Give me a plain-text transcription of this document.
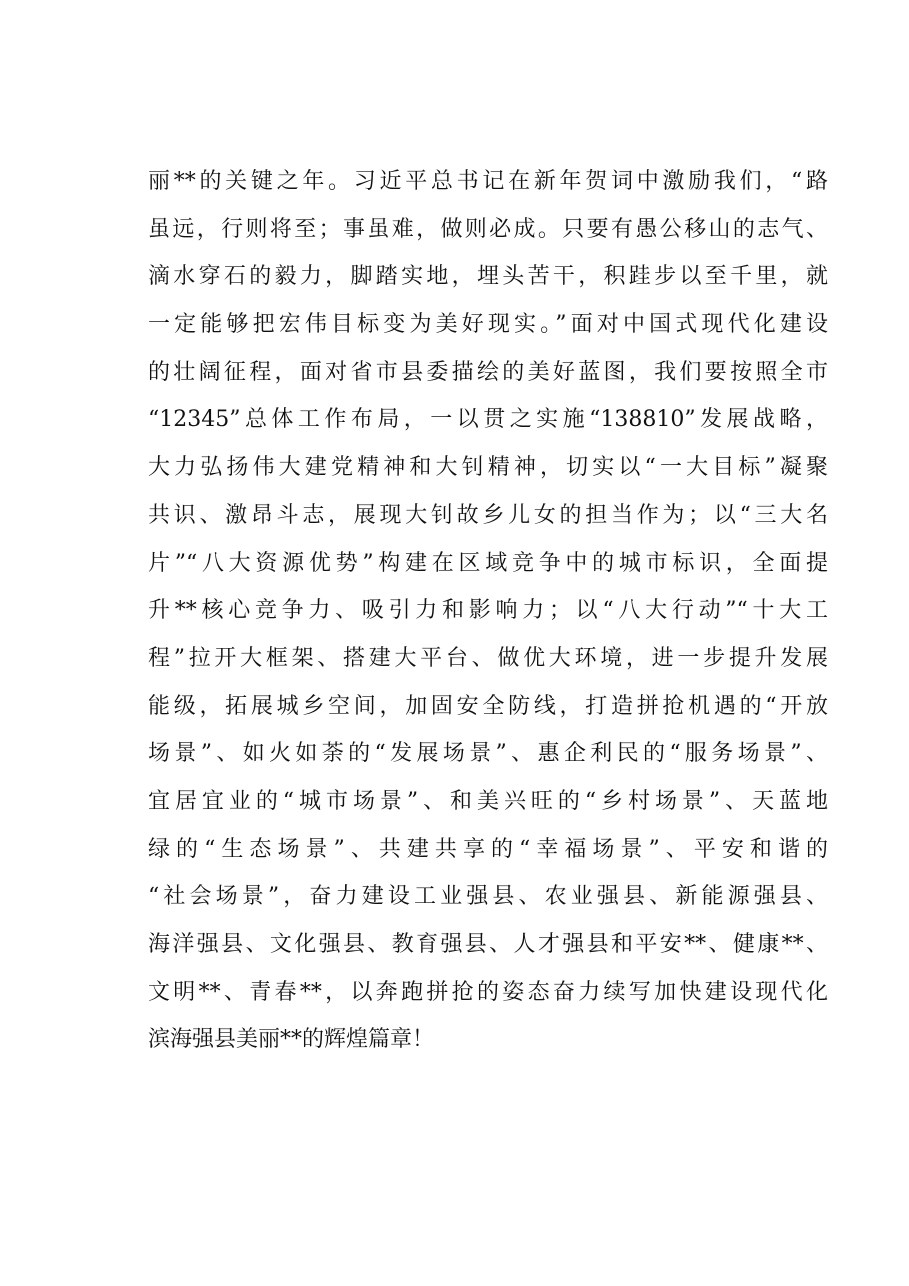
丽**的关键之年。习近平总书记在新年贺词中激励我们，“路
虽远，行则将至；事虽难，做则必成。只要有愚公移山的志气、
滴水穿石的毅力，脚踏实地，埋头苦干，积跬步以至千里，就
一定能够把宏伟目标变为美好现实。”面对中国式现代化建设
的壮阔征程，面对省市县委描绘的美好蓝图，我们要按照全市
“12345”总体工作布局，一以贯之实施“138810”发展战略，
大力弘扬伟大建党精神和大钊精神，切实以“一大目标”凝聚
共识、激昂斗志，展现大钊故乡儿女的担当作为；以“三大名
片”“八大资源优势”构建在区域竞争中的城市标识，全面提
升**核心竞争力、吸引力和影响力；以“八大行动”“十大工
程”拉开大框架、搭建大平台、做优大环境，进一步提升发展
能级，拓展城乡空间，加固安全防线，打造拼抢机遇的“开放
场景”、如火如荼的“发展场景”、惠企利民的“服务场景”、
宜居宜业的“城市场景”、和美兴旺的“乡村场景”、天蓝地
绿的“生态场景”、共建共享的“幸福场景”、平安和谐的
“社会场景”，奋力建设工业强县、农业强县、新能源强县、
海洋强县、文化强县、教育强县、人才强县和平安**、健康**、
文明**、青春**，以奔跑拼抢的姿态奋力续写加快建设现代化
滨海强县美丽**的辉煌篇章！
